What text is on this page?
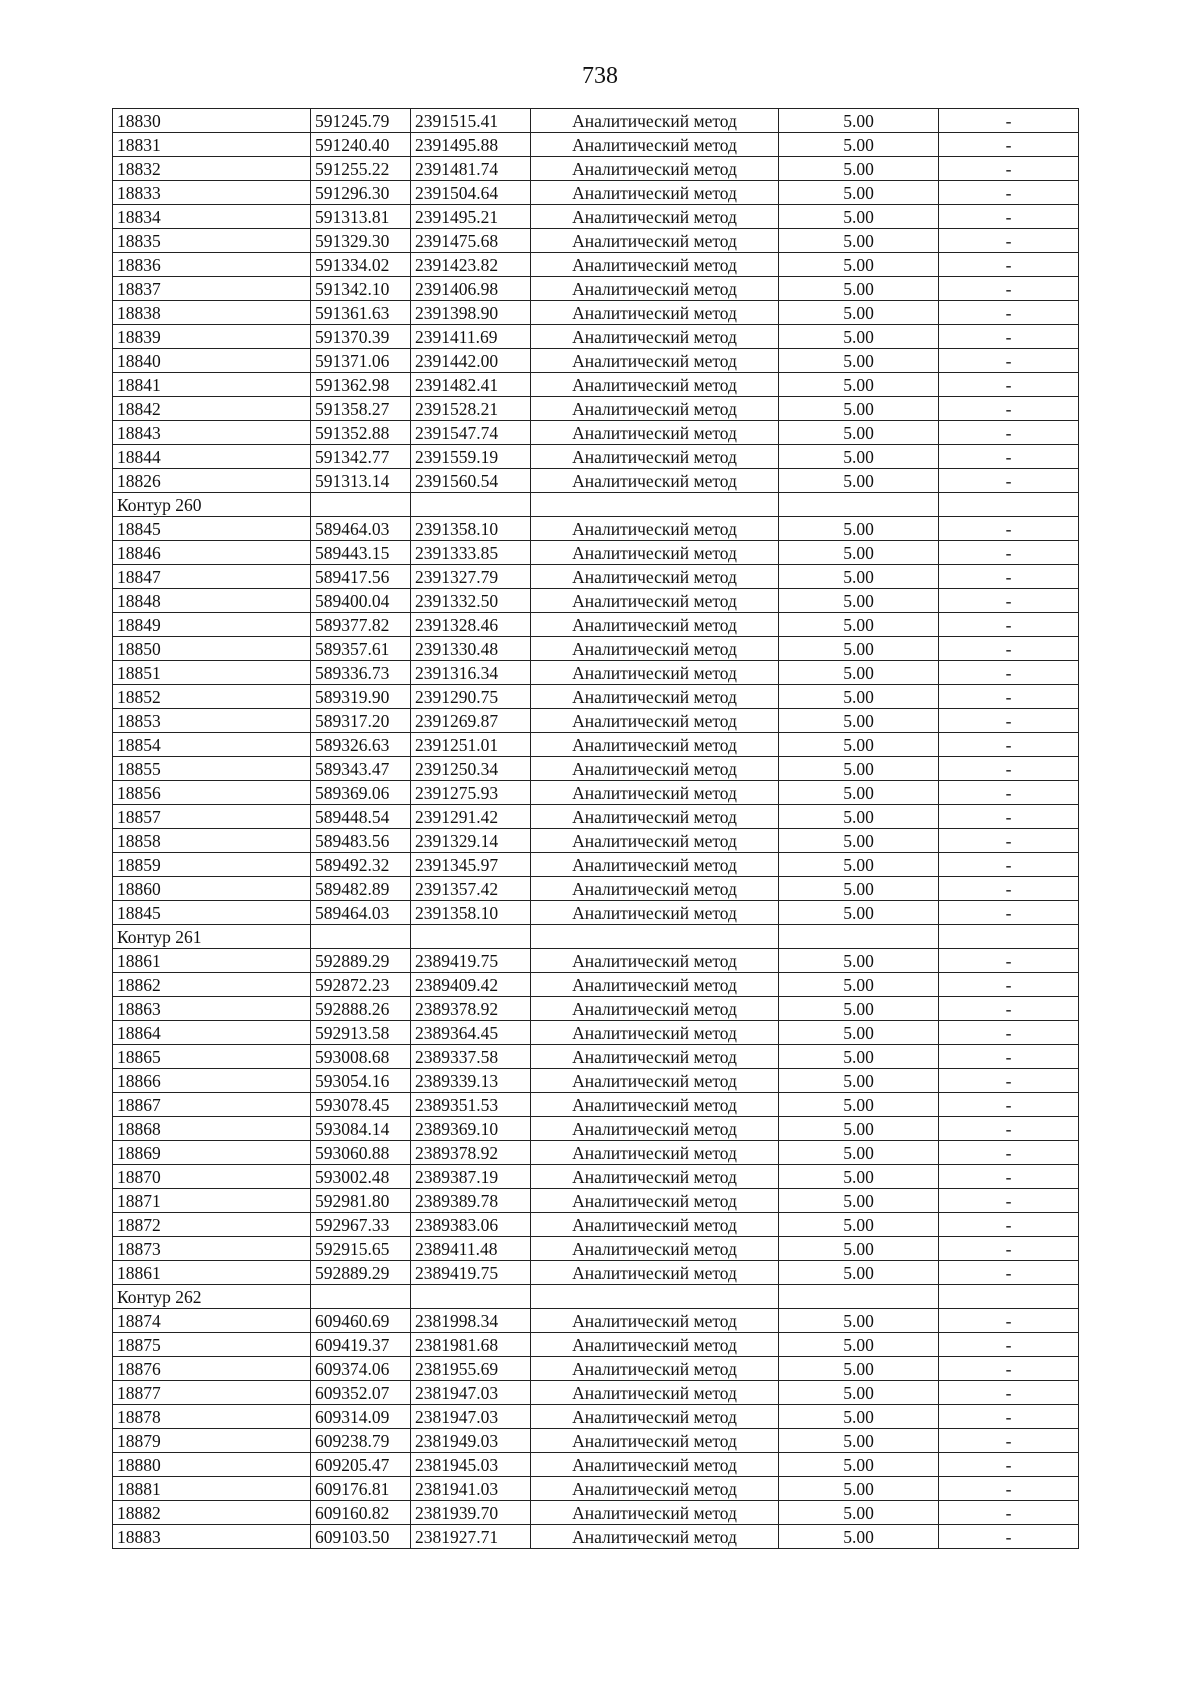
738
18830	591245.79	2391515.41	Аналитический метод	5.00	-
18831	591240.40	2391495.88	Аналитический метод	5.00	-
18832	591255.22	2391481.74	Аналитический метод	5.00	-
18833	591296.30	2391504.64	Аналитический метод	5.00	-
18834	591313.81	2391495.21	Аналитический метод	5.00	-
18835	591329.30	2391475.68	Аналитический метод	5.00	-
18836	591334.02	2391423.82	Аналитический метод	5.00	-
18837	591342.10	2391406.98	Аналитический метод	5.00	-
18838	591361.63	2391398.90	Аналитический метод	5.00	-
18839	591370.39	2391411.69	Аналитический метод	5.00	-
18840	591371.06	2391442.00	Аналитический метод	5.00	-
18841	591362.98	2391482.41	Аналитический метод	5.00	-
18842	591358.27	2391528.21	Аналитический метод	5.00	-
18843	591352.88	2391547.74	Аналитический метод	5.00	-
18844	591342.77	2391559.19	Аналитический метод	5.00	-
18826	591313.14	2391560.54	Аналитический метод	5.00	-
Контур 260					
18845	589464.03	2391358.10	Аналитический метод	5.00	-
18846	589443.15	2391333.85	Аналитический метод	5.00	-
18847	589417.56	2391327.79	Аналитический метод	5.00	-
18848	589400.04	2391332.50	Аналитический метод	5.00	-
18849	589377.82	2391328.46	Аналитический метод	5.00	-
18850	589357.61	2391330.48	Аналитический метод	5.00	-
18851	589336.73	2391316.34	Аналитический метод	5.00	-
18852	589319.90	2391290.75	Аналитический метод	5.00	-
18853	589317.20	2391269.87	Аналитический метод	5.00	-
18854	589326.63	2391251.01	Аналитический метод	5.00	-
18855	589343.47	2391250.34	Аналитический метод	5.00	-
18856	589369.06	2391275.93	Аналитический метод	5.00	-
18857	589448.54	2391291.42	Аналитический метод	5.00	-
18858	589483.56	2391329.14	Аналитический метод	5.00	-
18859	589492.32	2391345.97	Аналитический метод	5.00	-
18860	589482.89	2391357.42	Аналитический метод	5.00	-
18845	589464.03	2391358.10	Аналитический метод	5.00	-
Контур 261					
18861	592889.29	2389419.75	Аналитический метод	5.00	-
18862	592872.23	2389409.42	Аналитический метод	5.00	-
18863	592888.26	2389378.92	Аналитический метод	5.00	-
18864	592913.58	2389364.45	Аналитический метод	5.00	-
18865	593008.68	2389337.58	Аналитический метод	5.00	-
18866	593054.16	2389339.13	Аналитический метод	5.00	-
18867	593078.45	2389351.53	Аналитический метод	5.00	-
18868	593084.14	2389369.10	Аналитический метод	5.00	-
18869	593060.88	2389378.92	Аналитический метод	5.00	-
18870	593002.48	2389387.19	Аналитический метод	5.00	-
18871	592981.80	2389389.78	Аналитический метод	5.00	-
18872	592967.33	2389383.06	Аналитический метод	5.00	-
18873	592915.65	2389411.48	Аналитический метод	5.00	-
18861	592889.29	2389419.75	Аналитический метод	5.00	-
Контур 262					
18874	609460.69	2381998.34	Аналитический метод	5.00	-
18875	609419.37	2381981.68	Аналитический метод	5.00	-
18876	609374.06	2381955.69	Аналитический метод	5.00	-
18877	609352.07	2381947.03	Аналитический метод	5.00	-
18878	609314.09	2381947.03	Аналитический метод	5.00	-
18879	609238.79	2381949.03	Аналитический метод	5.00	-
18880	609205.47	2381945.03	Аналитический метод	5.00	-
18881	609176.81	2381941.03	Аналитический метод	5.00	-
18882	609160.82	2381939.70	Аналитический метод	5.00	-
18883	609103.50	2381927.71	Аналитический метод	5.00	-
